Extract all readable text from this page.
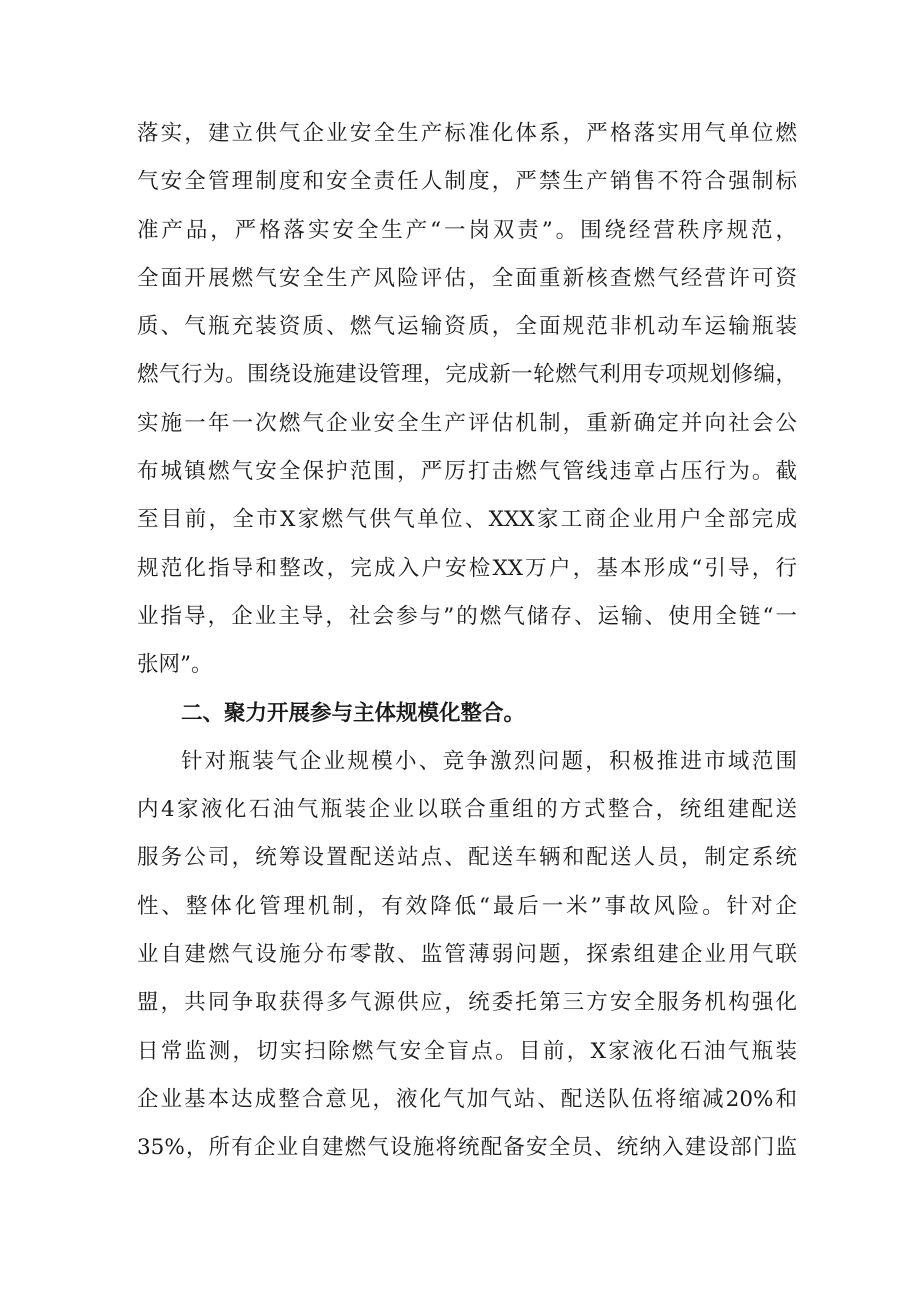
落实，建立供气企业安全生产标准化体系，严格落实用气单位燃
气安全管理制度和安全责任人制度，严禁生产销售不符合强制标
准产品，严格落实安全生产“一岗双责”。围绕经营秩序规范，
全面开展燃气安全生产风险评估，全面重新核查燃气经营许可资
质、气瓶充装资质、燃气运输资质，全面规范非机动车运输瓶装
燃气行为。围绕设施建设管理，完成新一轮燃气利用专项规划修编，
实施一年一次燃气企业安全生产评估机制，重新确定并向社会公
布城镇燃气安全保护范围，严厉打击燃气管线违章占压行为。截
至目前，全市X家燃气供气单位、XXX家工商企业用户全部完成
规范化指导和整改，完成入户安检XX万户，基本形成“引导，行
业指导，企业主导，社会参与”的燃气储存、运输、使用全链“一
张网”。
二、聚力开展参与主体规模化整合。
针对瓶装气企业规模小、竞争激烈问题，积极推进市域范围
内4家液化石油气瓶装企业以联合重组的方式整合，统组建配送
服务公司，统筹设置配送站点、配送车辆和配送人员，制定系统
性、整体化管理机制，有效降低“最后一米”事故风险。针对企
业自建燃气设施分布零散、监管薄弱问题，探索组建企业用气联
盟，共同争取获得多气源供应，统委托第三方安全服务机构强化
日常监测，切实扫除燃气安全盲点。目前，X家液化石油气瓶装
企业基本达成整合意见，液化气加气站、配送队伍将缩减20%和
35%，所有企业自建燃气设施将统配备安全员、统纳入建设部门监
